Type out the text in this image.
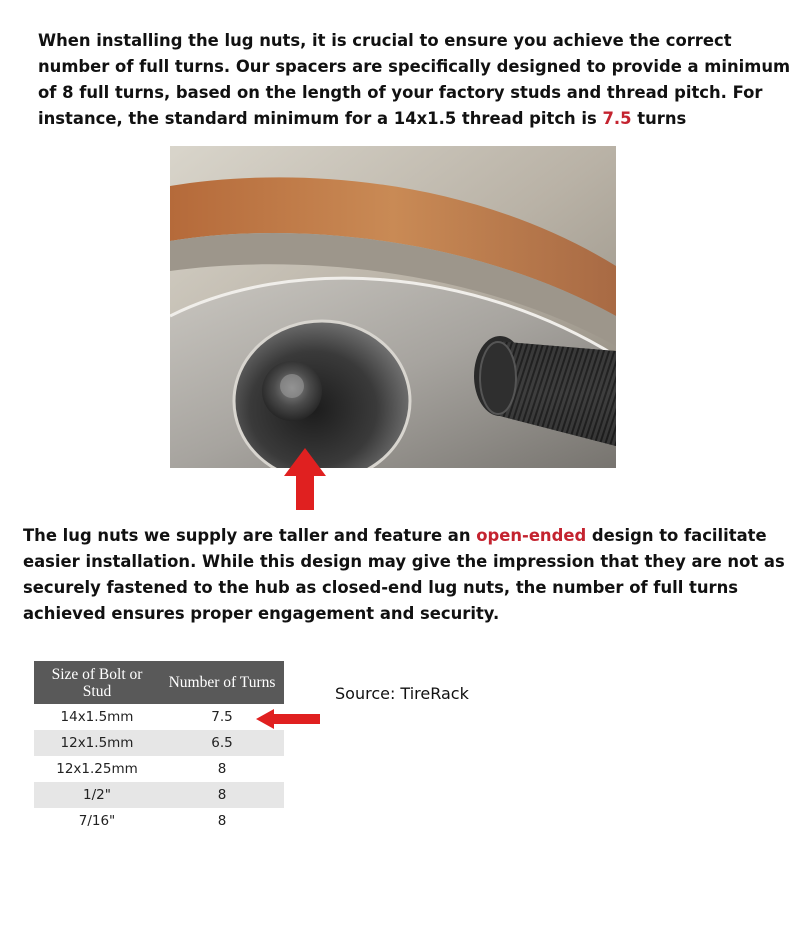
When installing the lug nuts, it is crucial to ensure you achieve the correct number of full turns. Our spacers are specifically designed to provide a minimum of 8 full turns, based on the length of your factory studs and thread pitch. For instance, the standard minimum for a 14x1.5 thread pitch is 7.5 turns

The lug nuts we supply are taller and feature an open-ended design to facilitate easier installation. While this design may give the impression that they are not as securely fastened to the hub as closed-end lug nuts, the number of full turns achieved ensures proper engagement and security.

Size of Bolt or Stud	Number of Turns
14x1.5mm	7.5
12x1.5mm	6.5
12x1.25mm	8
1/2"	8
7/16"	8
Source: TireRack
